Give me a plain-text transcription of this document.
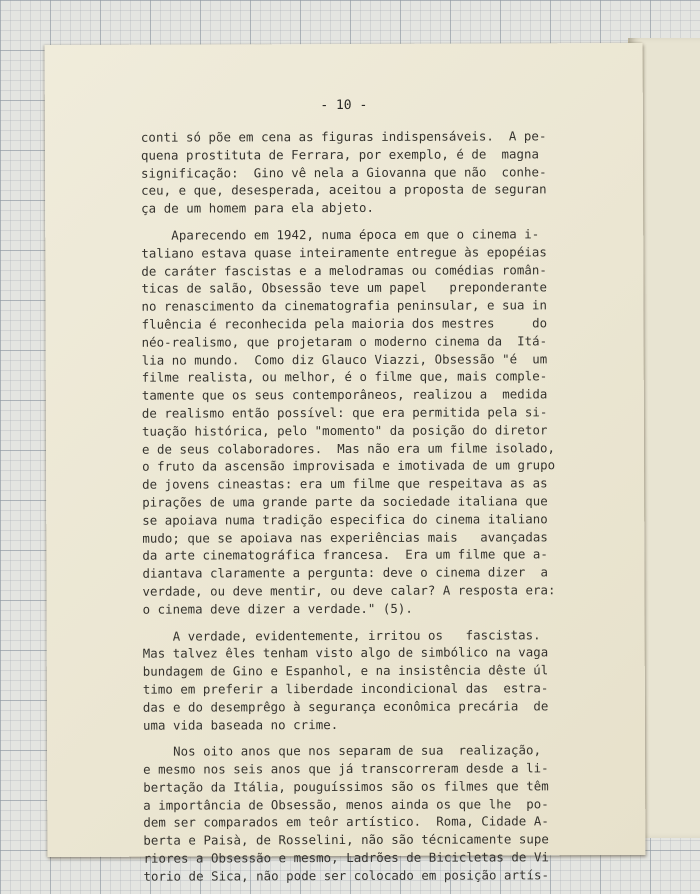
- 10 -
conti só põe em cena as figuras indispensáveis.  A pe-
quena prostituta de Ferrara, por exemplo, é de  magna
significação:  Gino vê nela a Giovanna que não  conhe-
ceu, e que, desesperada, aceitou a proposta de seguran
ça de um homem para ela abjeto.
Aparecendo em 1942, numa época em que o cinema i-
taliano estava quase inteiramente entregue às epopéias
de caráter fascistas e a melodramas ou comédias român-
ticas de salão, Obsessão teve um papel   preponderante
no renascimento da cinematografia peninsular, e sua in
fluência é reconhecida pela maioria dos mestres     do
néo-realismo, que projetaram o moderno cinema da  Itá-
lia no mundo.  Como diz Glauco Viazzi, Obsessão "é  um
filme realista, ou melhor, é o filme que, mais comple-
tamente que os seus contemporâneos, realizou a  medida
de realismo então possível: que era permitida pela si-
tuação histórica, pelo "momento" da posição do diretor
e de seus colaboradores.  Mas não era um filme isolado,
o fruto da ascensão improvisada e imotivada de um grupo
de jovens cineastas: era um filme que respeitava as as
pirações de uma grande parte da sociedade italiana que
se apoiava numa tradição especifica do cinema italiano
mudo; que se apoiava nas experiências mais   avançadas
da arte cinematográfica francesa.  Era um filme que a-
diantava claramente a pergunta: deve o cinema dizer  a
verdade, ou deve mentir, ou deve calar? A resposta era:
o cinema deve dizer a verdade." (5).
A verdade, evidentemente, irritou os   fascistas.
Mas talvez êles tenham visto algo de simbólico na vaga
bundagem de Gino e Espanhol, e na insistência dêste úl
timo em preferir a liberdade incondicional das  estra-
das e do desemprêgo à segurança econômica precária  de
uma vida baseada no crime.
Nos oito anos que nos separam de sua  realização,
e mesmo nos seis anos que já transcorreram desde a li-
bertação da Itália, pouguíssimos são os filmes que têm
a importância de Obsessão, menos ainda os que lhe  po-
dem ser comparados em teôr artístico.  Roma, Cidade A-
berta e Paisà, de Rosselini, não são técnicamente supe
riores a Obsessão e mesmo, Ladrões de Bicicletas de Vi
torio de Sica, não pode ser colocado em posição artís-
